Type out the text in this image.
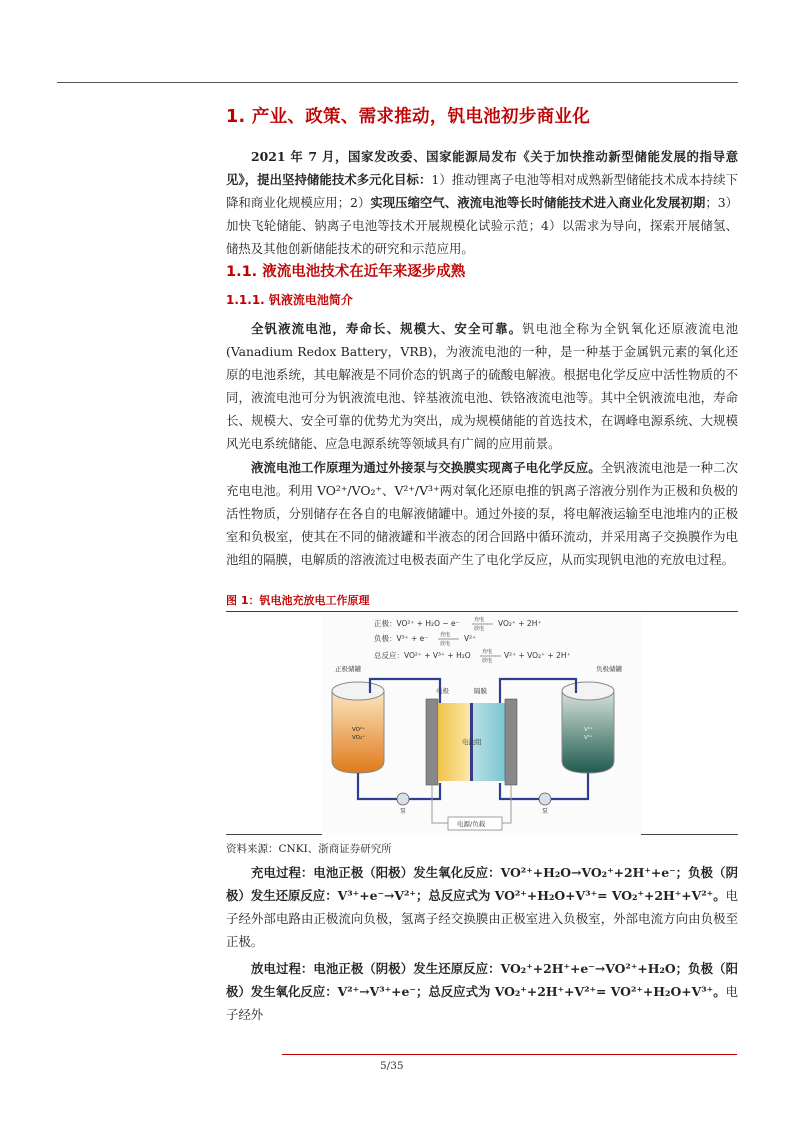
1. 产业、政策、需求推动，钒电池初步商业化

2021 年 7 月，国家发改委、国家能源局发布《关于加快推动新型储能发展的指导意见》，提出坚持储能技术多元化目标：1）推动锂离子电池等相对成熟新型储能技术成本持续下降和商业化规模应用；2）实现压缩空气、液流电池等长时储能技术进入商业化发展初期；3）加快飞轮储能、钠离子电池等技术开展规模化试验示范；4）以需求为导向，探索开展储氢、储热及其他创新储能技术的研究和示范应用。

1.1. 液流电池技术在近年来逐步成熟
1.1.1. 钒液流电池简介

全钒液流电池，寿命长、规模大、安全可靠。钒电池全称为全钒氧化还原液流电池(Vanadium Redox Battery，VRB)，为液流电池的一种，是一种基于金属钒元素的氧化还原的电池系统，其电解液是不同价态的钒离子的硫酸电解液。根据电化学反应中活性物质的不同，液流电池可分为钒液流电池、锌基液流电池、铁铬液流电池等。其中全钒液流电池，寿命长、规模大、安全可靠的优势尤为突出，成为规模储能的首选技术，在调峰电源系统、大规模风光电系统储能、应急电源系统等领域具有广阔的应用前景。

液流电池工作原理为通过外接泵与交换膜实现离子电化学反应。全钒液流电池是一种二次充电电池。利用 VO²⁺/VO₂⁺、V²⁺/V³⁺两对氧化还原电推的钒离子溶液分别作为正极和负极的活性物质，分别储存在各自的电解液储罐中。通过外接的泵，将电解液运输至电池堆内的正极室和负极室，使其在不同的储液罐和半液态的闭合回路中循环流动，并采用离子交换膜作为电池组的隔膜，电解质的溶液流过电极表面产生了电化学反应，从而实现钒电池的充放电过程。

图 1：钒电池充放电工作原理
正极：VO²⁺ + H₂O − e⁻	充电
放电
VO₂⁺ + 2H⁺
负极：V³⁺ + e⁻ 充电
放电
V²⁺
总反应：VO²⁺ + V³⁺ + H₂O 充电
放电
V²⁺ + VO₂⁺ + 2H⁺
正极储罐	负极储罐
VO²⁺
VO₂⁺
V²⁺
V³⁺
电极	隔膜
电池组
泵	泵
电源/负载
资料来源：CNKI、浙商证券研究所

充电过程：电池正极（阳极）发生氧化反应：VO²⁺+H₂O→VO₂⁺+2H⁺+e⁻；负极（阴极）发生还原反应：V³⁺+e⁻→V²⁺；总反应式为 VO²⁺+H₂O+V³⁺= VO₂⁺+2H⁺+V²⁺。电子经外部电路由正极流向负极，氢离子经交换膜由正极室进入负极室，外部电流方向由负极至正极。

放电过程：电池正极（阴极）发生还原反应：VO₂⁺+2H⁺+e⁻→VO²⁺+H₂O；负极（阳极）发生氧化反应：V²⁺→V³⁺+e⁻；总反应式为 VO₂⁺+2H⁺+V²⁺= VO²⁺+H₂O+V³⁺。电子经外

5/35
